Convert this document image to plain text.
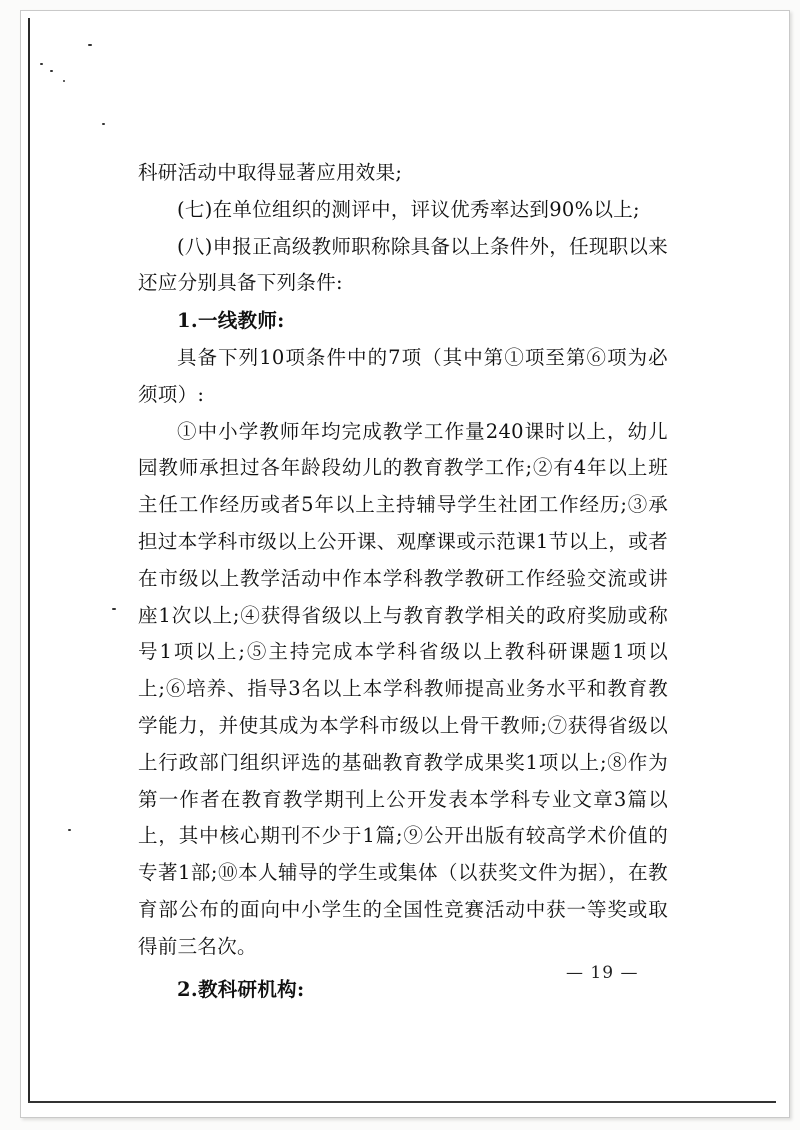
科研活动中取得显著应用效果;

(七)在单位组织的测评中，评议优秀率达到90%以上;

(八)申报正高级教师职称除具备以上条件外，任现职以来还应分别具备下列条件:

1.一线教师:

具备下列10项条件中的7项（其中第①项至第⑥项为必须项）:

①中小学教师年均完成教学工作量240课时以上，幼儿园教师承担过各年龄段幼儿的教育教学工作;②有4年以上班主任工作经历或者5年以上主持辅导学生社团工作经历;③承担过本学科市级以上公开课、观摩课或示范课1节以上，或者在市级以上教学活动中作本学科教学教研工作经验交流或讲座1次以上;④获得省级以上与教育教学相关的政府奖励或称号1项以上;⑤主持完成本学科省级以上教科研课题1项以上;⑥培养、指导3名以上本学科教师提高业务水平和教育教学能力，并使其成为本学科市级以上骨干教师;⑦获得省级以上行政部门组织评选的基础教育教学成果奖1项以上;⑧作为第一作者在教育教学期刊上公开发表本学科专业文章3篇以上，其中核心期刊不少于1篇;⑨公开出版有较高学术价值的专著1部;⑩本人辅导的学生或集体（以获奖文件为据），在教育部公布的面向中小学生的全国性竞赛活动中获一等奖或取得前三名次。

2.教科研机构:

— 19 —
